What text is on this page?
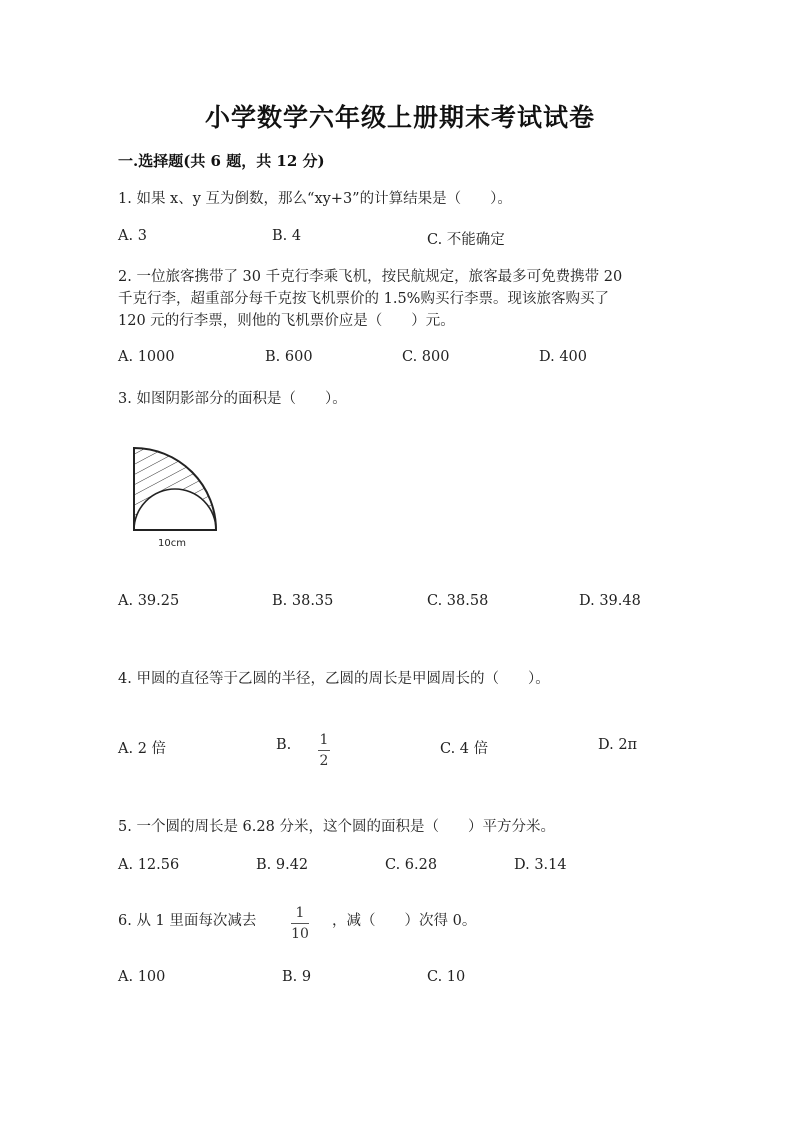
小学数学六年级上册期末考试试卷
一.选择题(共 6 题，共 12 分)
1. 如果 x、y 互为倒数，那么“xy+3”的计算结果是（　　）。
A. 3	B. 4	C. 不能确定
2. 一位旅客携带了 30 千克行李乘飞机，按民航规定，旅客最多可免费携带 20
千克行李，超重部分每千克按飞机票价的 1.5%购买行李票。现该旅客购买了
120 元的行李票，则他的飞机票价应是（　　）元。
A. 1000	B. 600	C. 800	D. 400
3. 如图阴影部分的面积是（　　）。
10cm
A. 39.25	B. 38.35	C. 38.58	D. 39.48
4. 甲圆的直径等于乙圆的半径，乙圆的周长是甲圆周长的（　　）。
A. 2 倍	B. 1
2
C. 4 倍	D. 2π
5. 一个圆的周长是 6.28 分米，这个圆的面积是（　　）平方分米。
A. 12.56	B. 9.42	C. 6.28	D. 3.14
6. 从 1 里面每次减去	1
10
，减（　　）次得 0。
A. 100	B. 9	C. 10
